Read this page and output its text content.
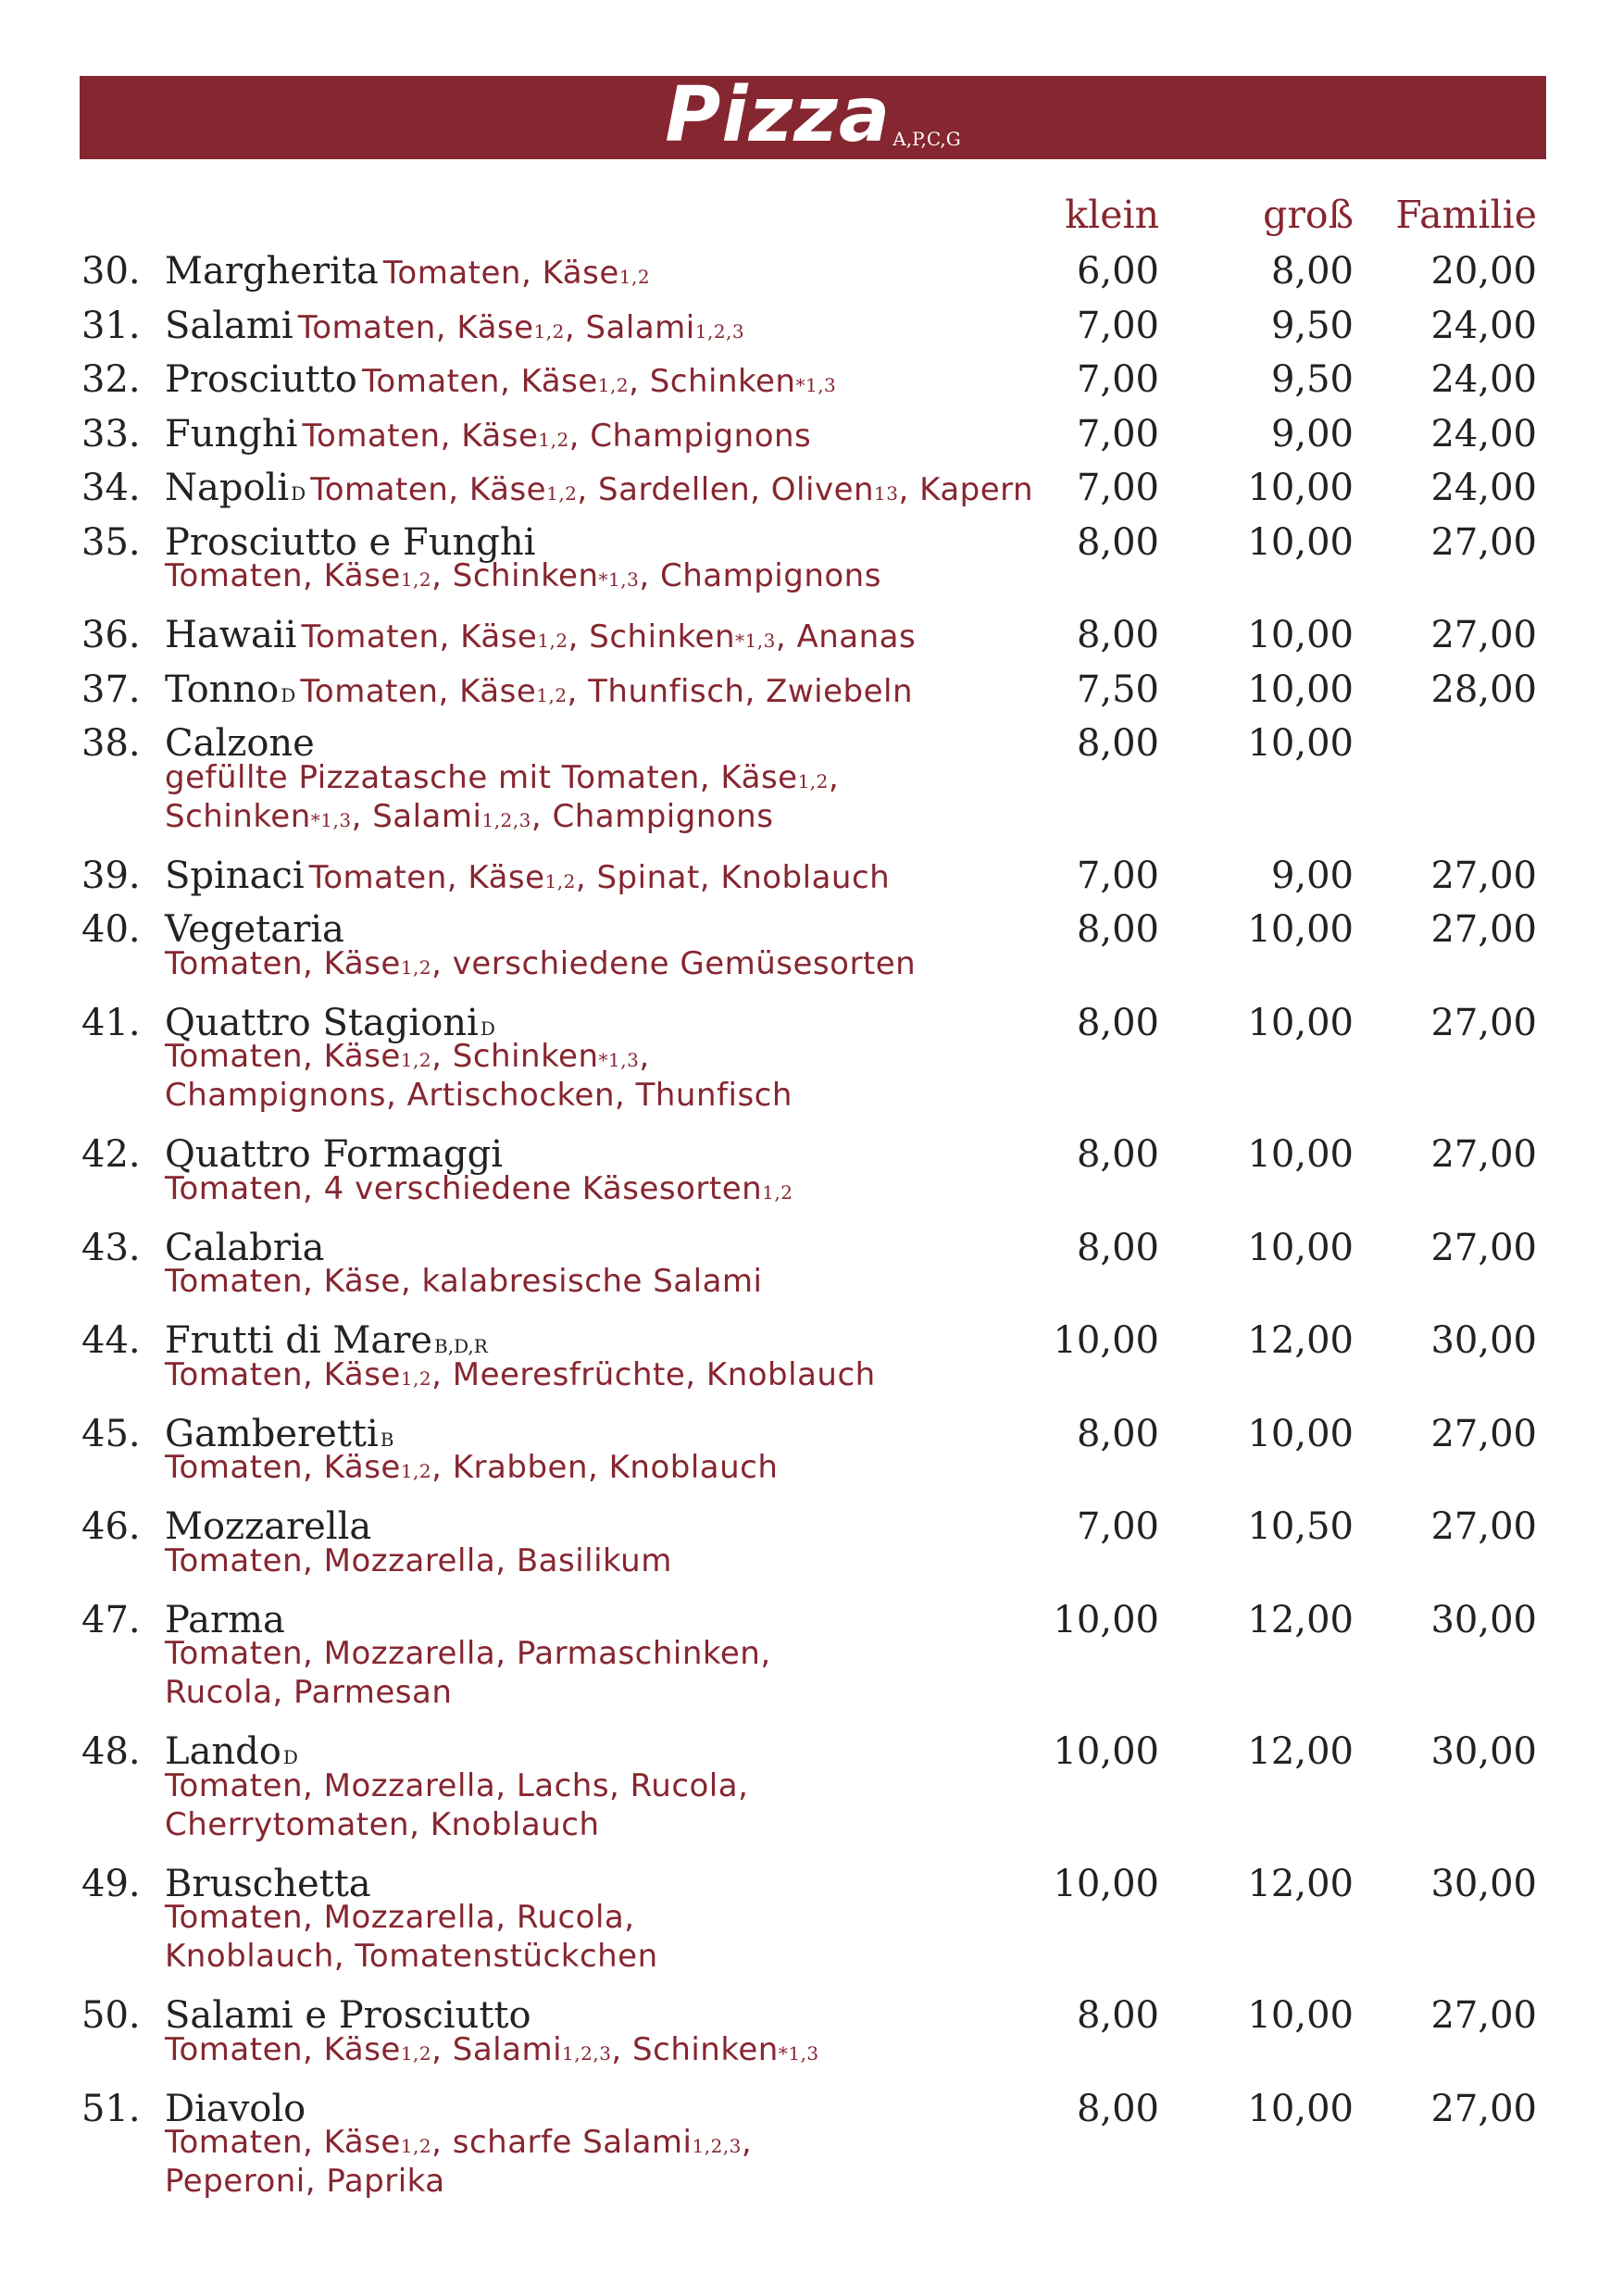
Pizza A,P,C,G
klein	groß Familie
30. Margherita Tomaten, Käse1,2	6,00	8,00 20,00
31. Salami Tomaten, Käse1,2, Salami1,2,3	7,00	9,50 24,00
32. Prosciutto Tomaten, Käse1,2, Schinken*1,3	7,00	9,50 24,00
33. Funghi Tomaten, Käse1,2, Champignons	7,00	9,00 24,00
34. Napoli D Tomaten, Käse1,2, Sardellen, Oliven13, Kapern 7,00 10,00 24,00
35. Prosciutto e Funghi	8,00 10,00 27,00
Tomaten, Käse1,2, Schinken*1,3, Champignons
36. Hawaii Tomaten, Käse1,2, Schinken*1,3, Ananas	8,00 10,00 27,00
37. Tonno D Tomaten, Käse1,2, Thunfisch, Zwiebeln	7,50 10,00 28,00
38. Calzone	8,00 10,00
gefüllte Pizzatasche mit Tomaten, Käse1,2,
Schinken*1,3, Salami1,2,3, Champignons
39. Spinaci Tomaten, Käse1,2, Spinat, Knoblauch	7,00	9,00 27,00
40. Vegetaria	8,00 10,00 27,00
Tomaten, Käse1,2, verschiedene Gemüsesorten
41. Quattro Stagioni D	8,00 10,00 27,00
Tomaten, Käse1,2, Schinken*1,3,
Champignons, Artischocken, Thunfisch
42. Quattro Formaggi	8,00 10,00 27,00
Tomaten, 4 verschiedene Käsesorten1,2
43. Calabria	8,00 10,00 27,00
Tomaten, Käse, kalabresische Salami
44. Frutti di Mare B,D,R	10,00 12,00 30,00
Tomaten, Käse1,2, Meeresfrüchte, Knoblauch
45. Gamberetti B	8,00 10,00 27,00
Tomaten, Käse1,2, Krabben, Knoblauch
46. Mozzarella	7,00 10,50 27,00
Tomaten, Mozzarella, Basilikum
47. Parma	10,00 12,00 30,00
Tomaten, Mozzarella, Parmaschinken,
Rucola, Parmesan
48. Lando D	10,00 12,00 30,00
Tomaten, Mozzarella, Lachs, Rucola,
Cherrytomaten, Knoblauch
49. Bruschetta	10,00 12,00 30,00
Tomaten, Mozzarella, Rucola,
Knoblauch, Tomatenstückchen
50. Salami e Prosciutto	8,00 10,00 27,00
Tomaten, Käse1,2, Salami1,2,3, Schinken*1,3
51. Diavolo	8,00 10,00 27,00
Tomaten, Käse1,2, scharfe Salami1,2,3,
Peperoni, Paprika
